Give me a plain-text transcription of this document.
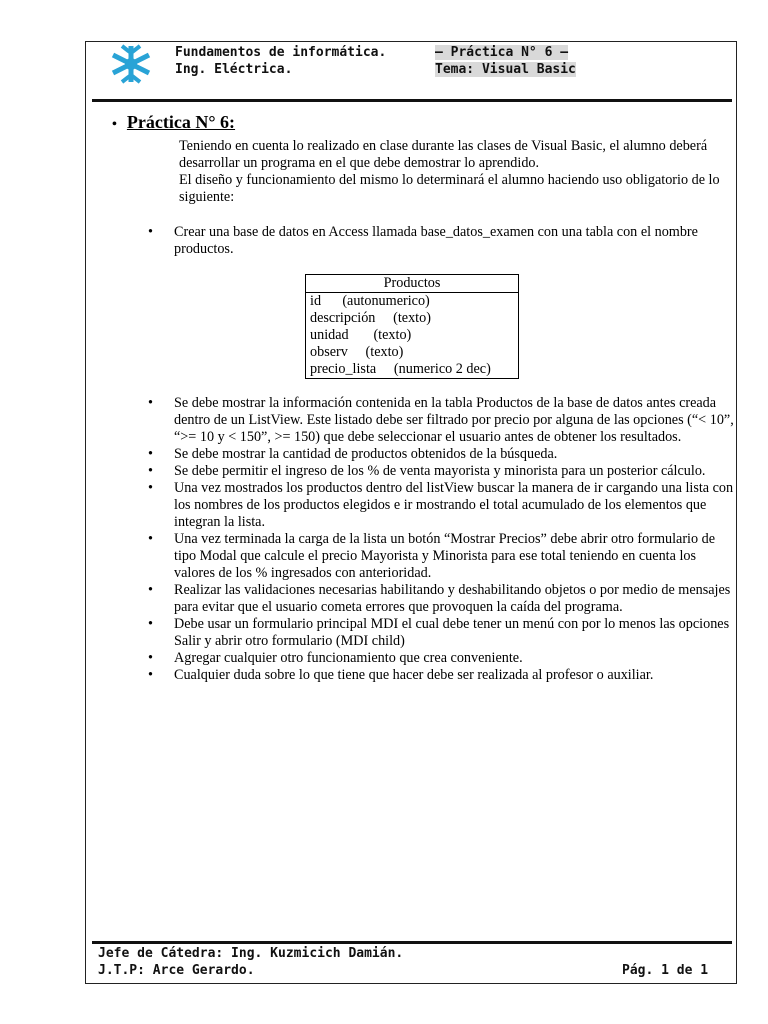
Fundamentos de informática.	– Práctica N° 6 –
Ing. Eléctrica.	Tema: Visual Basic
• Práctica N° 6:
Teniendo en cuenta lo realizado en clase durante las clases de Visual Basic, el alumno deberá desarrollar un programa en el que debe demostrar lo aprendido.
El diseño y funcionamiento del mismo lo determinará el alumno haciendo uso obligatorio de lo siguiente:
• Crear una base de datos en Access llamada base_datos_examen con una tabla con el nombre productos.
Productos
id      (autonumerico)
descripción     (texto)
unidad       (texto)
observ     (texto)
precio_lista     (numerico 2 dec)
• Se debe mostrar la información contenida en la tabla Productos de la base de datos antes creada dentro de un ListView. Este listado debe ser filtrado por precio por alguna de las opciones (“< 10”, “>= 10 y < 150”, >= 150) que debe seleccionar el usuario antes de obtener los resultados.
• Se debe mostrar la cantidad de productos obtenidos de la búsqueda.
• Se debe permitir el ingreso de los % de venta mayorista y minorista para un posterior cálculo.
• Una vez mostrados los productos dentro del listView buscar la manera de ir cargando una lista con los nombres de los productos elegidos e ir mostrando el total acumulado de los elementos que integran la lista.
• Una vez terminada la carga de la lista un botón “Mostrar Precios” debe abrir otro formulario de tipo Modal que calcule el precio Mayorista y Minorista para ese total teniendo en cuenta los valores de los % ingresados con anterioridad.
• Realizar las validaciones necesarias habilitando y deshabilitando objetos o por medio de mensajes para evitar que el usuario cometa errores que provoquen la caída del programa.
• Debe usar un formulario principal MDI el cual debe tener un menú con por lo menos las opciones Salir y abrir otro formulario (MDI child)
• Agregar cualquier otro funcionamiento que crea conveniente.
• Cualquier duda sobre lo que tiene que hacer debe ser realizada al profesor o auxiliar.
Jefe de Cátedra: Ing. Kuzmicich Damián.
J.T.P: Arce Gerardo.	Pág. 1 de 1
